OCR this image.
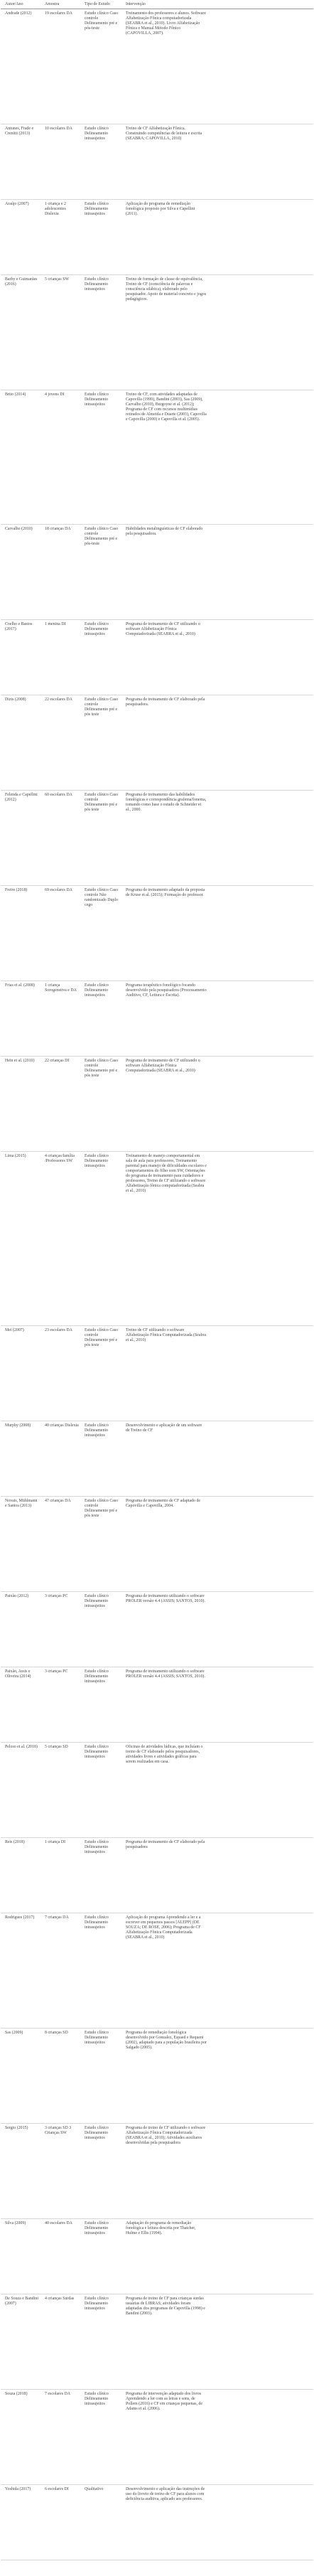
Autor/Ano	Amostra	Tipo de Estudo	Intervenção
Andrade (2012)	19 escolares DA	Estudo clínico Caso controle Delineamento pré e pós-teste	Treinamento dos professores e alunos. Software Alfabetização Fônica computadorizada (SEABRA et al., 2010). Livro Alfabetização Fônica e Manual Método Fônico (CAPOVILLA, 2007).
Antunes, Frade e Crenitti (2013)	10 escolares DA	Estudo clínico Delineamento intrasujeitos	Treino de CF Alfabetização Fônica. Construindo competências de leitura e escrita (SEABRA; CAPOVILLA, 2010)
Araújo (2007)	1 criança e 2 adolescentes Dislexia	Estudo clínico Delineamento intrasujeitos	Aplicação do programa de remediação fonológica proposto por Silva e Capellini (2011).
Barby e Guimarães (2016)	5 crianças SW	Estudo clínico Delineamento intrasujeitos	Treino de formação de classe de equivalência, Treino de CF (consciência de palavras e consciência silábica), elaborado pelo pesquisador. Apoio de material concreto e jogos pedagógicos.
Brito (2014)	4 jovens DI	Estudo clínico Delineamento intrasujeitos	Treino de CF, com atividades adaptadas de Capovilla (1999), Bandini (2003), Sas (2009), Carvalho (2010), Burgoyne et al. (2012); Programa de CF com recursos multimídias retirados de Almeida e Duarte (2003), Capovilla e Capovilla (2000) e Capovilla et al. (2005).
Carvalho (2010)	18 crianças DA	Estudo clínico Caso controle Delineamento pré e pós-teste	Habilidades metalinguísticas de CF elaborado pela pesquisadora.
Coelho e Bastos (2017)	1 menina DI	Estudo clínico Delineamento intrasujeitos	Programa de treinamento de CF utilizando o software Alfabetização Fônica Computadorizada (SEABRA et al., 2010)
Dizis (2008)	22 escolares DA	Estudo clínico Caso controle Delineamento pré e pós teste	Programa de treinamento de CF elaborado pela pesquisadora.
Felenda e Capellini (2012)	60 escolares DA	Estudo clínico Caso controle Delineamento pré e pós teste	Programa de treinamento das habilidades fonológicas e correspondência grafema/fonema, tomando como base o estudo de Schneider et al., 2000.
Freire (2018)	69 escolares DA	Estudo clínico Caso controle Não randomizado Duplo cego	Programa de treinamento adaptado da proposta de Kruse et al. (2015); Formação do professor.
Frias et al. (2008)	1 criança Sorogenstiva e DA	Estudo clínico Delineamento intrasujeitos	Programa terapêutico fonológico focando desenvolvido pela pesquisadora (Processamento Auditivo, CF, Leitura e Escrita).
Hein et al. (2010)	22 crianças DI	Estudo clínico Caso controle Delineamento pré e pós teste	Programa de treinamento de CF utilizando o software Alfabetização Fônica Computadorizada (SEABRA et al., 2010)
Lima (2015)	4 crianças/família /Professores SW	Estudo clínico Delineamento intrasujeitos	Treinamento de manejo comportamental em sala de aula para professores, Treinamento parental para manejo de dificuldades escolares e comportamentos do filho com SW, Orientações do programa de treinamento para cuidadores e professores, Treino de CF utilizando o software Alfabetização fônica computadorizada (Seabra et al., 2010)
Mei (2007)	23 escolares DA	Estudo clínico Caso controle Delineamento pré e pós teste	Treino de CF utilizando o software Alfabetização Fônica Computadorizada (Seabra et al., 2010)
Murphy (2008)	40 crianças Dislexia	Estudo clínico Delineamento intrasujeitos	Desenvolvimento e aplicação de um software de Treino de CF
Novais, Mühlmann e Santos (2013)	47 crianças DA	Estudo clínico Caso controle Delineamento pré e pós teste	Programa de treinamento de CF adaptado de Capovilla e Capovilla, 2004.
Paixão (2012)	3 crianças PC	Estudo clínico Delineamento intrasujeitos	Programa de treinamento utilizando o software PROLER versão 4.4 (ASSIS; SANTOS, 2010).
Paixão, Assis e Oliveira (2014)	3 crianças PC	Estudo clínico Delineamento intrasujeitos	Programa de treinamento utilizando o software PROLER versão 4.4 (ASSIS; SANTOS, 2010).
Peloso et al. (2018)	5 crianças SD	Estudo clínico Delineamento intrasujeitos	Oficinas de atividades lúdicas, que incluíam o treino de CF elaborado pelos pesquisadores, atividades livres e atividades gráficas para serem realizadas em casa.
Reis (2018)	1 criança DI	Estudo clínico Delineamento intrasujeitos	Programa de treinamento de CF elaborado pela pesquisadora
Rodrigues (2017)	7 crianças DA	Estudo clínico Delineamento intrasujeitos	Aplicação do programa Aprendendo a ler e a escrever em pequenos passos [ALEPP] (DE SOUZA; DE ROSE, 2006); Programa de CF Alfabetização Fônica Computadorizada (SEABRA et al., 2010)
Sas (2009)	8 crianças SD	Estudo clínico Delineamento intrasujeitos	Programa de remediação fonológica desenvolvido por Gonzalez, Espaed e Requeni (2002), adaptado para a população brasileira por Salgado (2005).
Sergio (2015)	3 crianças SD 3 Crianças SW	Estudo clínico Delineamento intrasujeitos	Programa de treino de CF utilizando o software Alfabetização Fônica Computadorizada (SEABRA et al., 2010); Atividades auxiliares desenvolvidas pela pesquisadora
Silva (2009)	40 escolares DA	Estudo clínico Delineamento intrasujeitos	Adaptação do programa de remediação fonológica e leitura descrita por Thatcher, Hulme e Ellis (1994).
De Souza e Bandini (2007)	4 crianças Surdas	Estudo clínico Delineamento intrasujeitos	Programa de treino de CF para crianças surdas usuárias de LIBRAS; atividades foram adaptadas dos programas de Capovilla (1998) e Bandini (2003).
Souza (2018)	7 escolares DA	Estudo clínico Delineamento intrasujeitos	Programa de intervenção adaptado dos livros Aprendendo a ler com as letras e sons, de Pollem (2016) e CF em crianças pequenas, de Adams et al. (2006).
Yoshida (2017)	6 escolares DI	Qualitativo	Desenvolvimento e aplicação das instruções de uso do livreto de treino de CF para alunos com deficiência auditiva, aplicado aos professores.
